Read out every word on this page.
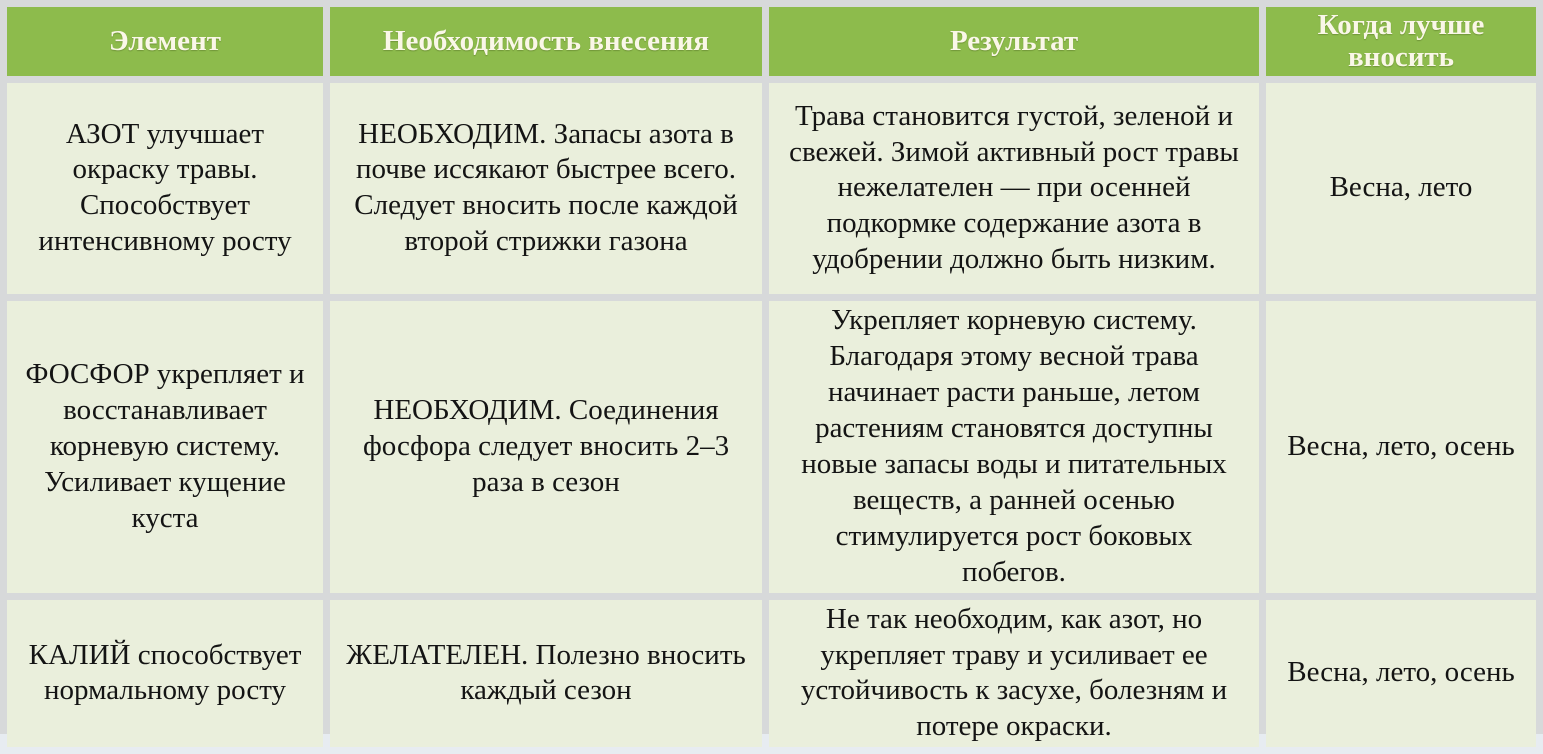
Элемент	Необходимость внесения	Результат	Когда лучше вносить
АЗОТ улучшает окраску травы. Способствует интенсивному росту	НЕОБХОДИМ. Запасы азота в почве иссякают быстрее всего. Следует вносить после каждой второй стрижки газона	Трава становится густой, зеленой и свежей. Зимой активный рост травы нежелателен — при осенней подкормке содержание азота в удобрении должно быть низким.	Весна, лето
ФОСФОР укрепляет и восстанавливает корневую систему. Усиливает кущение куста	НЕОБХОДИМ. Соединения фосфора следует вносить 2–3 раза в сезон	Укрепляет корневую систему. Благодаря этому весной трава начинает расти раньше, летом растениям становятся доступны новые запасы воды и питательных веществ, а ранней осенью стимулируется рост боковых побегов.	Весна, лето, осень
КАЛИЙ способствует нормальному росту	ЖЕЛАТЕЛЕН. Полезно вносить каждый сезон	Не так необходим, как азот, но укрепляет траву и усиливает ее устойчивость к засухе, болезням и потере окраски.	Весна, лето, осень
